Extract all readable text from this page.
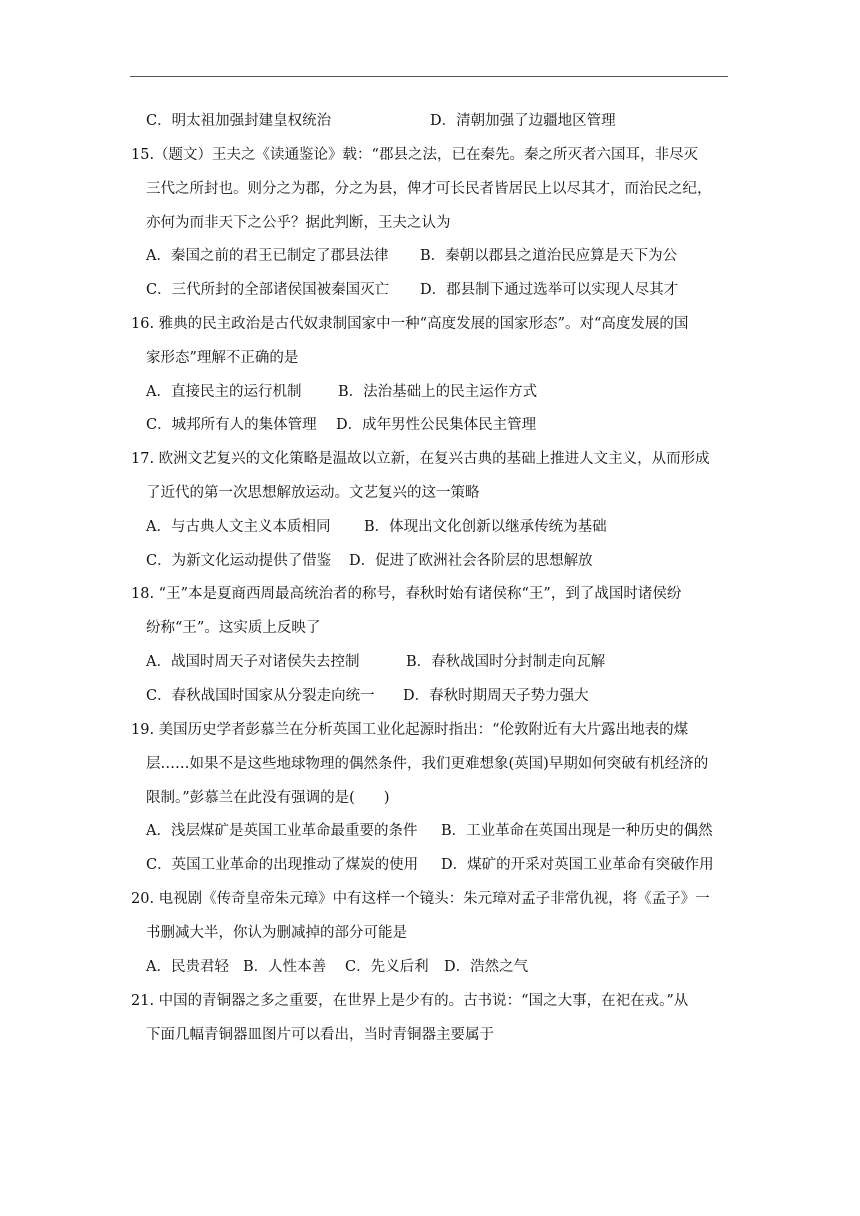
C．明太祖加强封建皇权统治	D．清朝加强了边疆地区管理
15.（题文）王夫之《读通鉴论》载：“郡县之法，已在秦先。秦之所灭者六国耳，非尽灭
三代之所封也。则分之为郡，分之为县，俾才可长民者皆居民上以尽其才，而治民之纪，
亦何为而非天下之公乎？据此判断，王夫之认为
A．秦国之前的君王已制定了郡县法律 B．秦朝以郡县之道治民应算是天下为公
C．三代所封的全部诸侯国被秦国灭亡 D．郡县制下通过选举可以实现人尽其才
16. 雅典的民主政治是古代奴隶制国家中一种“高度发展的国家形态”。对“高度发展的国
家形态”理解不正确的是
A．直接民主的运行机制	B．法治基础上的民主运作方式
C．城邦所有人的集体管理 D．成年男性公民集体民主管理
17. 欧洲文艺复兴的文化策略是温故以立新，在复兴古典的基础上推进人文主义，从而形成
了近代的第一次思想解放运动。文艺复兴的这一策略
A．与古典人文主义本质相同 B．体现出文化创新以继承传统为基础
C．为新文化运动提供了借鉴 D．促进了欧洲社会各阶层的思想解放
18. “王”本是夏商西周最高统治者的称号，春秋时始有诸侯称“王”，到了战国时诸侯纷
纷称“王”。这实质上反映了
A．战国时周天子对诸侯失去控制	B．春秋战国时分封制走向瓦解
C．春秋战国时国家从分裂走向统一 D．春秋时期周天子势力强大
19. 美国历史学者彭慕兰在分析英国工业化起源时指出：“伦敦附近有大片露出地表的煤
层……如果不是这些地球物理的偶然条件，我们更难想象(英国)早期如何突破有机经济的
限制。”彭慕兰在此没有强调的是(　　)
A．浅层煤矿是英国工业革命最重要的条件 B．工业革命在英国出现是一种历史的偶然
C．英国工业革命的出现推动了煤炭的使用 D．煤矿的开采对英国工业革命有突破作用
20. 电视剧《传奇皇帝朱元璋》中有这样一个镜头：朱元璋对孟子非常仇视，将《孟子》一
书删减大半，你认为删减掉的部分可能是
A．民贵君轻 B．人性本善 C．先义后利 D．浩然之气
21. 中国的青铜器之多之重要，在世界上是少有的。古书说：“国之大事，在祀在戎。”从
下面几幅青铜器皿图片可以看出，当时青铜器主要属于
